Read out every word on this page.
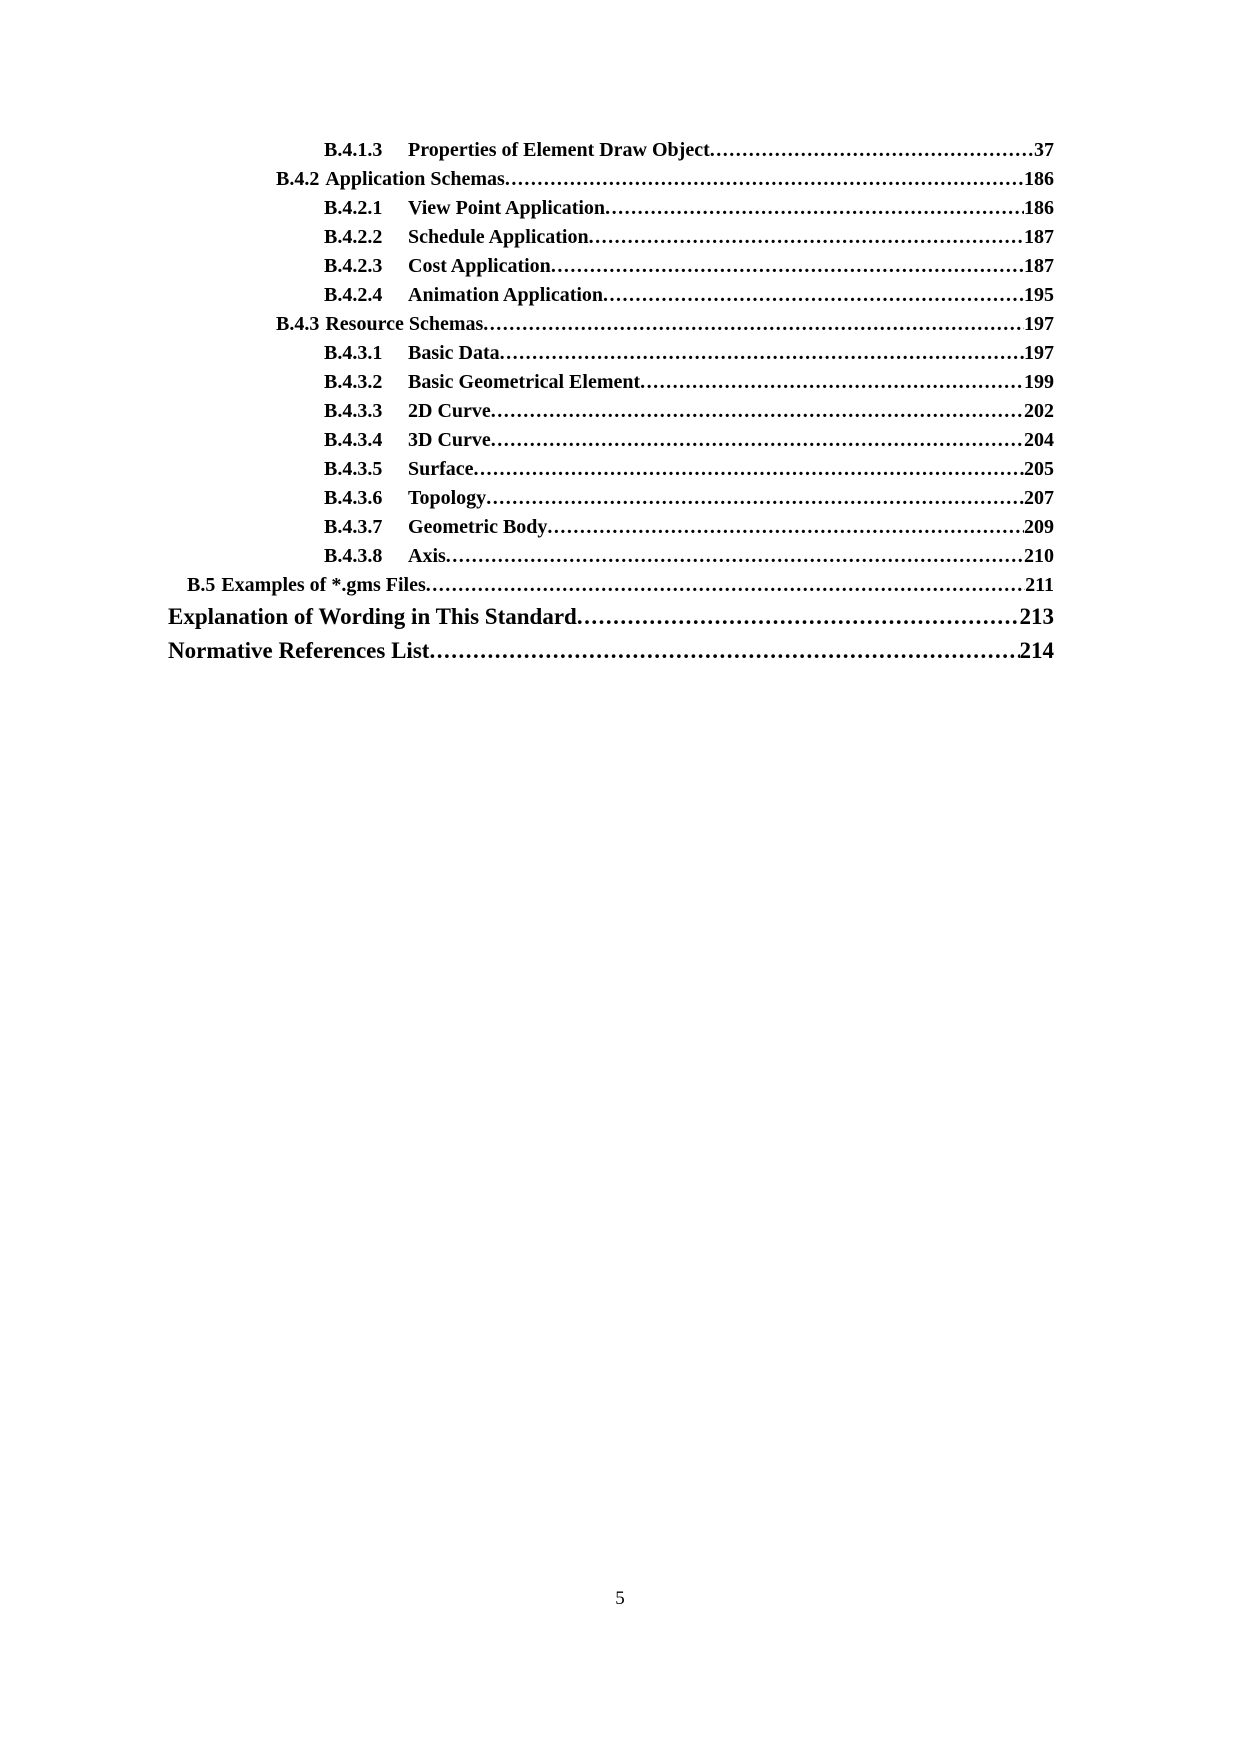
B.4.1.3	Properties of Element Draw Object .....	37
B.4.2 Application Schemas .....	186
B.4.2.1	View Point Application .....	186
B.4.2.2	Schedule Application .....	187
B.4.2.3	Cost Application .....	187
B.4.2.4	Animation Application .....	195
B.4.3 Resource Schemas .....	197
B.4.3.1	Basic Data .....	197
B.4.3.2	Basic Geometrical Element .....	199
B.4.3.3	2D Curve .....	202
B.4.3.4	3D Curve .....	204
B.4.3.5	Surface .....	205
B.4.3.6	Topology .....	207
B.4.3.7	Geometric Body .....	209
B.4.3.8	Axis .....	210
B.5 Examples of *.gms Files .....	211
Explanation of Wording in This Standard .....	213
Normative References List .....	214
5
